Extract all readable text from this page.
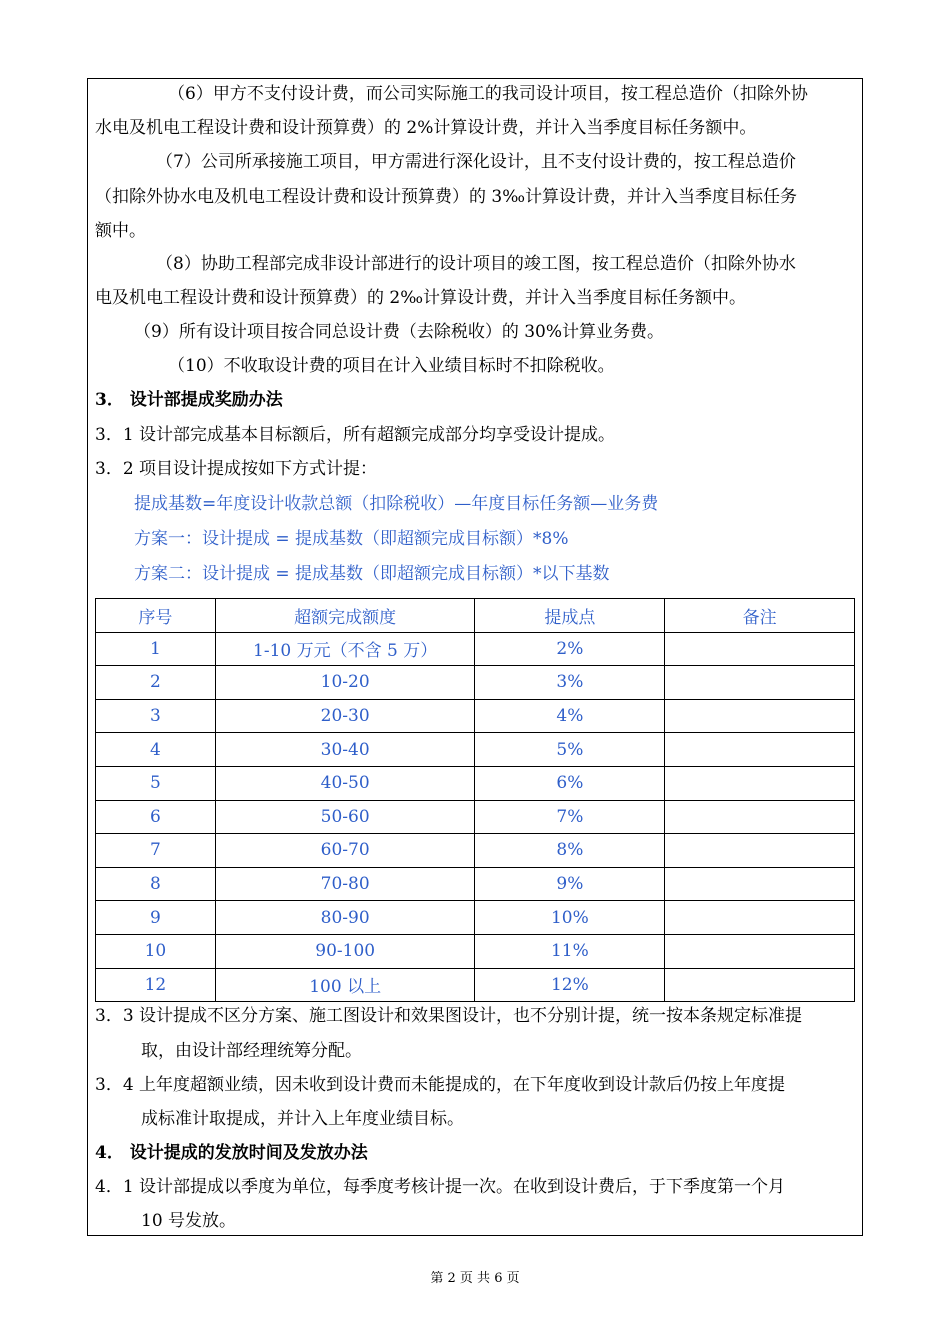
（6）甲方不支付设计费，而公司实际施工的我司设计项目，按工程总造价（扣除外协
水电及机电工程设计费和设计预算费）的 2%计算设计费，并计入当季度目标任务额中。
（7）公司所承接施工项目，甲方需进行深化设计，且不支付设计费的，按工程总造价
（扣除外协水电及机电工程设计费和设计预算费）的 3‰计算设计费，并计入当季度目标任务
额中。
（8）协助工程部完成非设计部进行的设计项目的竣工图，按工程总造价（扣除外协水
电及机电工程设计费和设计预算费）的 2‰计算设计费，并计入当季度目标任务额中。
（9）所有设计项目按合同总设计费（去除税收）的 30%计算业务费。
（10）不收取设计费的项目在计入业绩目标时不扣除税收。
3． 设计部提成奖励办法
3．1 设计部完成基本目标额后，所有超额完成部分均享受设计提成。
3．2 项目设计提成按如下方式计提：
提成基数=年度设计收款总额（扣除税收）—年度目标任务额—业务费
方案一：设计提成 = 提成基数（即超额完成目标额）*8%
方案二：设计提成 = 提成基数（即超额完成目标额）*以下基数
序号	超额完成额度	提成点	备注
1	1-10 万元（不含 5 万）	2%	
2	10-20	3%	
3	20-30	4%	
4	30-40	5%	
5	40-50	6%	
6	50-60	7%	
7	60-70	8%	
8	70-80	9%	
9	80-90	10%	
10	90-100	11%	
12	100 以上	12%	
3．3 设计提成不区分方案、施工图设计和效果图设计，也不分别计提，统一按本条规定标准提
取，由设计部经理统筹分配。
3．4 上年度超额业绩，因未收到设计费而未能提成的，在下年度收到设计款后仍按上年度提
成标准计取提成，并计入上年度业绩目标。
4． 设计提成的发放时间及发放办法
4．1 设计部提成以季度为单位，每季度考核计提一次。在收到设计费后，于下季度第一个月
10 号发放。
第 2 页 共 6 页
